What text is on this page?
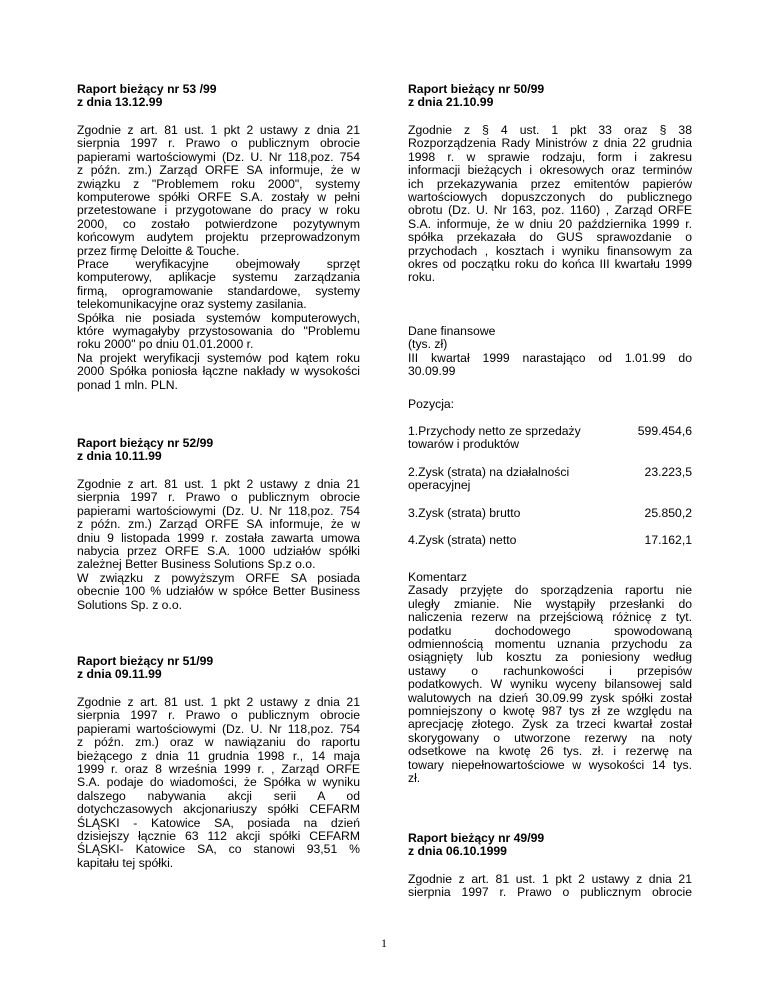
Raport bieżący nr 53 /99

z dnia 13.12.99

Zgodnie z art. 81 ust. 1 pkt 2 ustawy z dnia 21

sierpnia 1997 r. Prawo o publicznym obrocie

papierami wartościowymi (Dz. U. Nr 118,poz. 754

z późn. zm.) Zarząd ORFE SA informuje, że w

związku z "Problemem roku 2000", systemy

komputerowe spółki ORFE S.A. zostały w pełni

przetestowane i przygotowane do pracy w roku

2000, co zostało potwierdzone pozytywnym

końcowym audytem projektu przeprowadzonym

przez firmę Deloitte & Touche.

Prace weryfikacyjne obejmowały sprzęt

komputerowy, aplikacje systemu zarządzania

firmą, oprogramowanie standardowe, systemy

telekomunikacyjne oraz systemy zasilania.

Spółka nie posiada systemów komputerowych,

które wymagałyby przystosowania do "Problemu

roku 2000" po dniu 01.01.2000 r.

Na projekt weryfikacji systemów pod kątem roku

2000 Spółka poniosła łączne nakłady w wysokości

ponad 1 mln. PLN.

Raport bieżący nr 52/99

z dnia 10.11.99

Zgodnie z art. 81 ust. 1 pkt 2 ustawy z dnia 21

sierpnia 1997 r. Prawo o publicznym obrocie

papierami wartościowymi (Dz. U. Nr 118,poz. 754

z późn. zm.) Zarząd ORFE SA informuje, że w

dniu 9 listopada 1999 r. została zawarta umowa

nabycia przez ORFE S.A. 1000 udziałów spółki

zależnej Better Business Solutions Sp.z o.o.

W związku z powyższym ORFE SA posiada

obecnie 100 % udziałów w spółce Better Business

Solutions Sp. z o.o.

Raport bieżący nr 51/99

z dnia 09.11.99

Zgodnie z art. 81 ust. 1 pkt 2 ustawy z dnia 21

sierpnia 1997 r. Prawo o publicznym obrocie

papierami wartościowymi (Dz. U. Nr 118,poz. 754

z późn. zm.) oraz w nawiązaniu do raportu

bieżącego z dnia 11 grudnia 1998 r., 14 maja

1999 r. oraz 8 września 1999 r. , Zarząd ORFE

S.A. podaje do wiadomości, że Spółka w wyniku

dalszego nabywania akcji serii A od

dotychczasowych akcjonariuszy spółki CEFARM

ŚLĄSKI - Katowice SA, posiada na dzień

dzisiejszy łącznie 63 112 akcji spółki CEFARM

ŚLĄSKI- Katowice SA, co stanowi 93,51 %

kapitału tej spółki.

Raport bieżący nr 50/99

z dnia 21.10.99

Zgodnie z § 4 ust. 1 pkt 33 oraz § 38

Rozporządzenia Rady Ministrów z dnia 22 grudnia

1998 r. w sprawie rodzaju, form i zakresu

informacji bieżących i okresowych oraz terminów

ich przekazywania przez emitentów papierów

wartościowych dopuszczonych do publicznego

obrotu (Dz. U. Nr 163, poz. 1160) , Zarząd ORFE

S.A. informuje, że w dniu 20 października 1999 r.

spółka przekazała do GUS sprawozdanie o

przychodach , kosztach i wyniku finansowym za

okres od początku roku do końca III kwartału 1999

roku.

Dane finansowe

(tys. zł)

III kwartał 1999 narastająco od 1.01.99 do

30.09.99

Pozycja:

1.Przychody netto ze sprzedaży towarów i produktów
599.454,6
2.Zysk (strata) na działalności operacyjnej
23.223,5
3.Zysk (strata) brutto	25.850,2
4.Zysk (strata) netto	17.162,1

Komentarz

Zasady przyjęte do sporządzenia raportu nie

uległy zmianie. Nie wystąpiły przesłanki do

naliczenia rezerw na przejściową różnicę z tyt.

podatku dochodowego spowodowaną

odmiennością momentu uznania przychodu za

osiągnięty lub kosztu za poniesiony według

ustawy o rachunkowości i przepisów

podatkowych. W wyniku wyceny bilansowej sald

walutowych na dzień 30.09.99 zysk spółki został

pomniejszony o kwotę 987 tys zł ze względu na

aprecjację złotego. Zysk za trzeci kwartał został

skorygowany o utworzone rezerwy na noty

odsetkowe na kwotę 26 tys. zł. i rezerwę na

towary niepełnowartościowe w wysokości 14 tys.

zł.

Raport bieżący nr 49/99

z dnia 06.10.1999

Zgodnie z art. 81 ust. 1 pkt 2 ustawy z dnia 21

sierpnia 1997 r. Prawo o publicznym obrocie

1
